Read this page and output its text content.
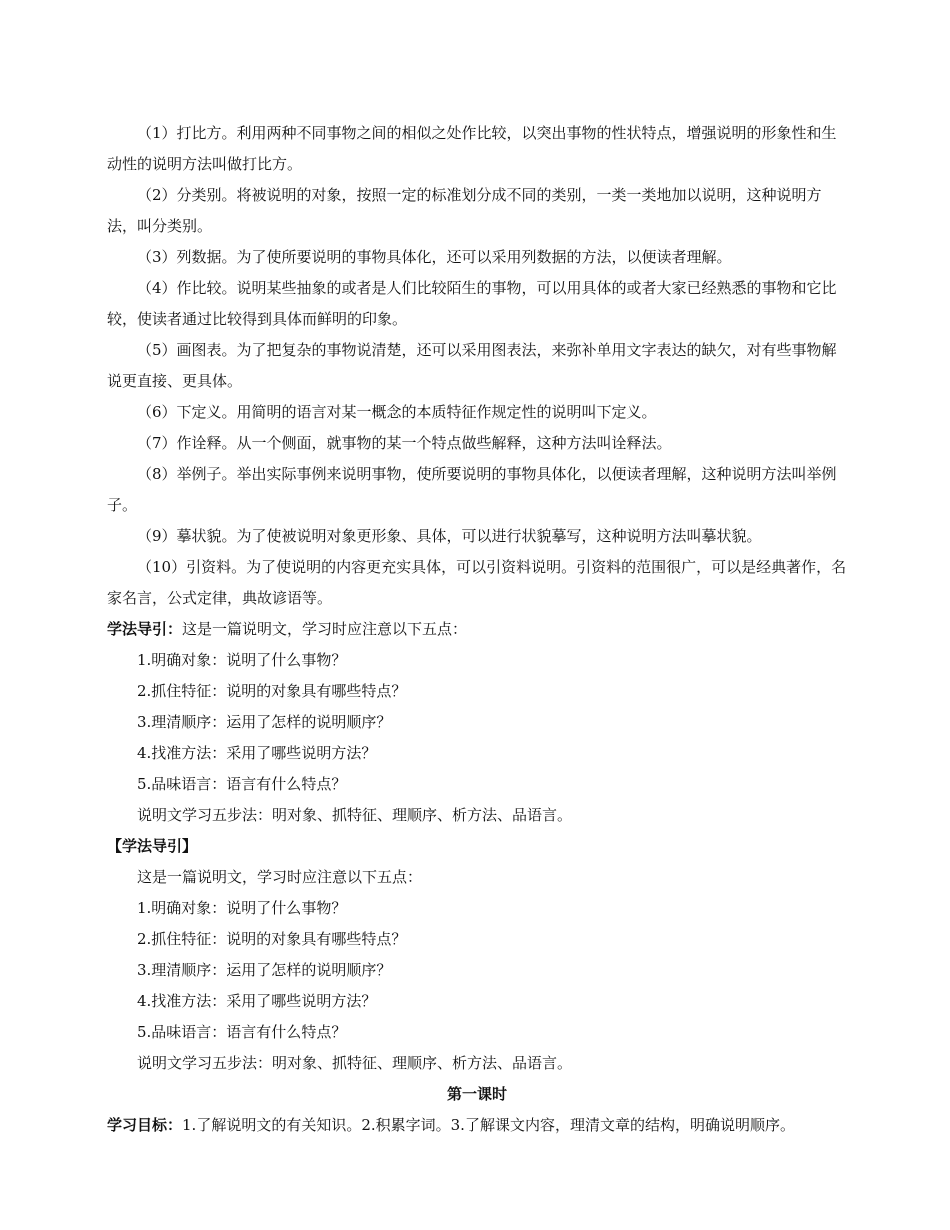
（1）打比方。利用两种不同事物之间的相似之处作比较，以突出事物的性状特点，增强说明的形象性和生动性的说明方法叫做打比方。

（2）分类别。将被说明的对象，按照一定的标准划分成不同的类别，一类一类地加以说明，这种说明方法，叫分类别。

（3）列数据。为了使所要说明的事物具体化，还可以采用列数据的方法，以便读者理解。

（4）作比较。说明某些抽象的或者是人们比较陌生的事物，可以用具体的或者大家已经熟悉的事物和它比较，使读者通过比较得到具体而鲜明的印象。

（5）画图表。为了把复杂的事物说清楚，还可以采用图表法，来弥补单用文字表达的缺欠，对有些事物解说更直接、更具体。

（6）下定义。用简明的语言对某一概念的本质特征作规定性的说明叫下定义。

（7）作诠释。从一个侧面，就事物的某一个特点做些解释，这种方法叫诠释法。

（8）举例子。举出实际事例来说明事物，使所要说明的事物具体化，以便读者理解，这种说明方法叫举例子。

（9）摹状貌。为了使被说明对象更形象、具体，可以进行状貌摹写，这种说明方法叫摹状貌。

（10）引资料。为了使说明的内容更充实具体，可以引资料说明。引资料的范围很广，可以是经典著作，名家名言，公式定律，典故谚语等。

学法导引：这是一篇说明文，学习时应注意以下五点：

1.明确对象：说明了什么事物？

2.抓住特征：说明的对象具有哪些特点？

3.理清顺序：运用了怎样的说明顺序？

4.找准方法：采用了哪些说明方法？

5.品味语言：语言有什么特点？

说明文学习五步法：明对象、抓特征、理顺序、析方法、品语言。

【学法导引】

这是一篇说明文，学习时应注意以下五点：

1.明确对象：说明了什么事物？

2.抓住特征：说明的对象具有哪些特点？

3.理清顺序：运用了怎样的说明顺序？

4.找准方法：采用了哪些说明方法？

5.品味语言：语言有什么特点？

说明文学习五步法：明对象、抓特征、理顺序、析方法、品语言。

第一课时

学习目标：1.了解说明文的有关知识。2.积累字词。3.了解课文内容，理清文章的结构，明确说明顺序。
